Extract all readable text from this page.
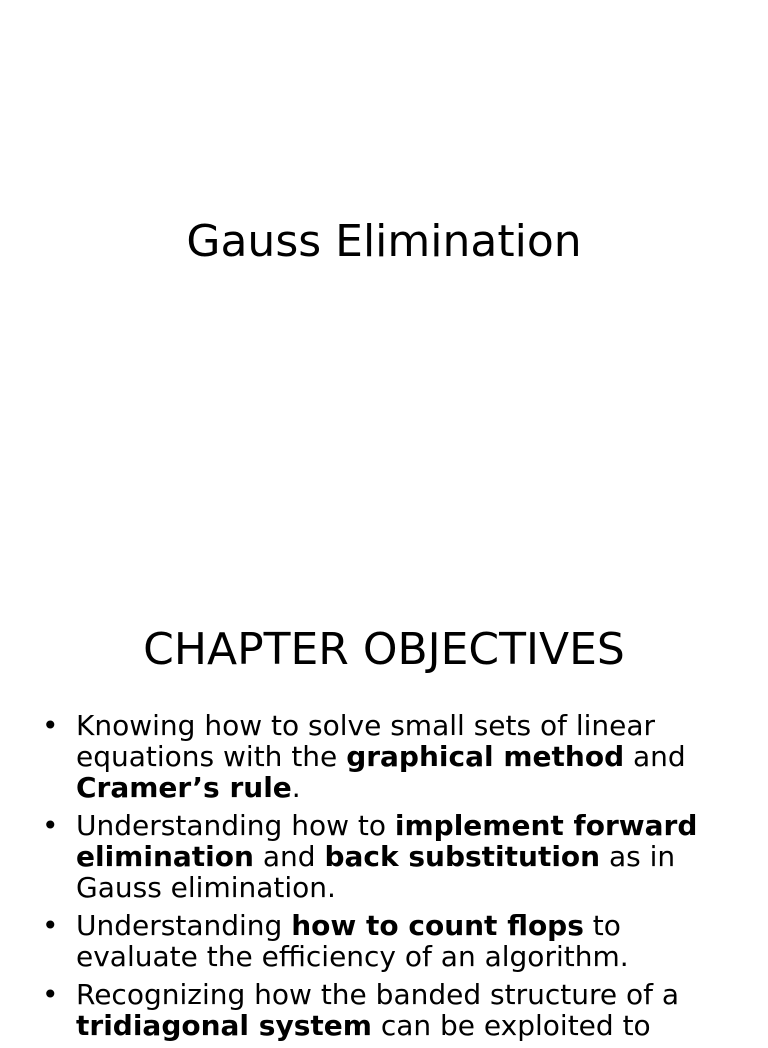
Gauss Elimination
CHAPTER OBJECTIVES
• Knowing how to solve small sets of linear equations with the graphical method and Cramer’s rule.
• Understanding how to implement forward elimination and back substitution as in Gauss elimination.
• Understanding how to count flops to evaluate the efficiency of an algorithm.
• Recognizing how the banded structure of a tridiagonal system can be exploited to
